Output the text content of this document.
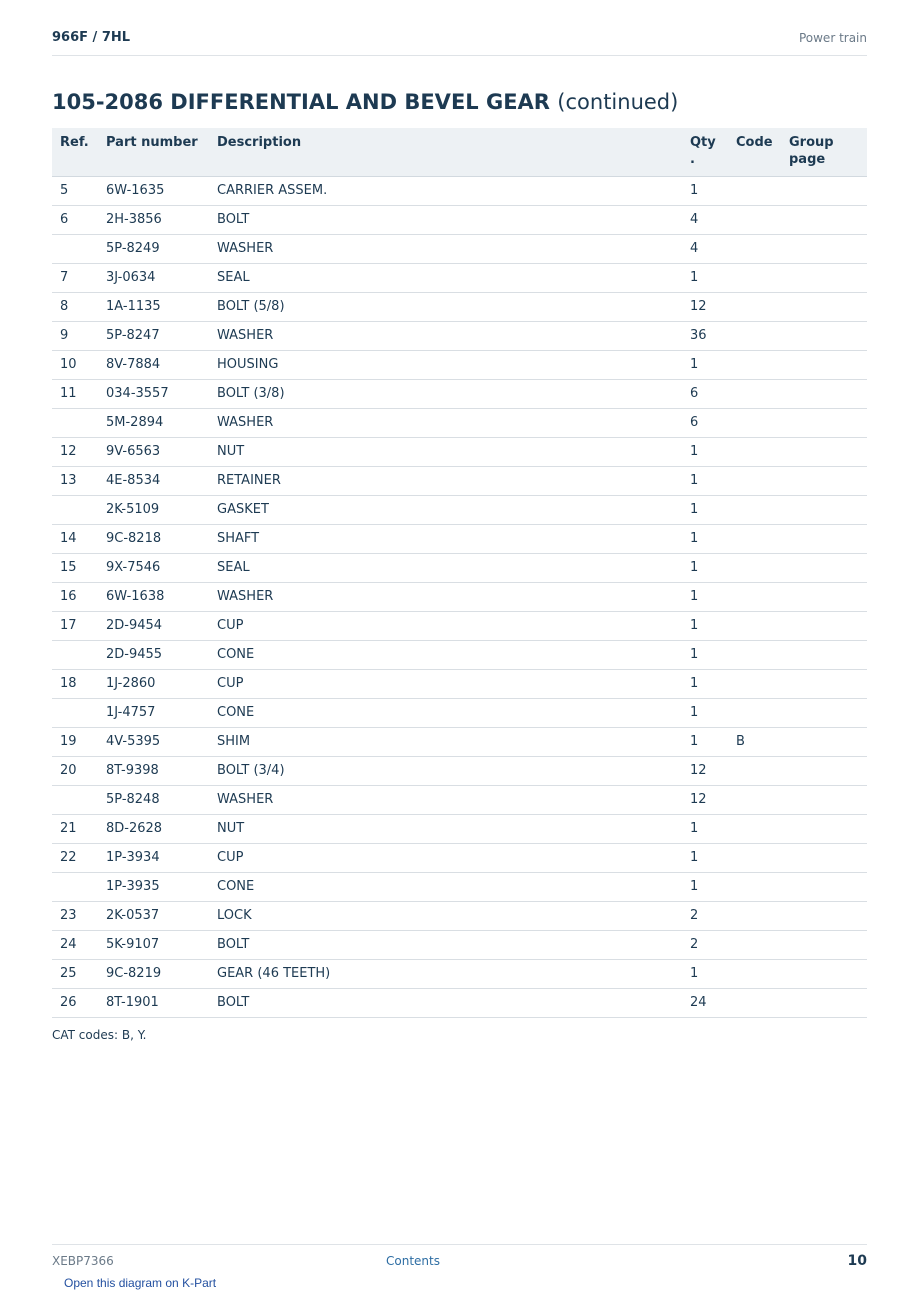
966F / 7HL	Power train
105-2086 DIFFERENTIAL AND BEVEL GEAR (continued)
Ref.	Part number	Description	Qty .	Code	Group page
5	6W-1635	CARRIER ASSEM.	1		
6	2H-3856	BOLT	4		
	5P-8249	WASHER	4		
7	3J-0634	SEAL	1		
8	1A-1135	BOLT (5/8)	12		
9	5P-8247	WASHER	36		
10	8V-7884	HOUSING	1		
11	034-3557	BOLT (3/8)	6		
	5M-2894	WASHER	6		
12	9V-6563	NUT	1		
13	4E-8534	RETAINER	1		
	2K-5109	GASKET	1		
14	9C-8218	SHAFT	1		
15	9X-7546	SEAL	1		
16	6W-1638	WASHER	1		
17	2D-9454	CUP	1		
	2D-9455	CONE	1		
18	1J-2860	CUP	1		
	1J-4757	CONE	1		
19	4V-5395	SHIM	1	B	
20	8T-9398	BOLT (3/4)	12		
	5P-8248	WASHER	12		
21	8D-2628	NUT	1		
22	1P-3934	CUP	1		
	1P-3935	CONE	1		
23	2K-0537	LOCK	2		
24	5K-9107	BOLT	2		
25	9C-8219	GEAR (46 TEETH)	1		
26	8T-1901	BOLT	24		
CAT codes: B, Y.
XEBP7366	Contents	10
Open this diagram on K-Part
